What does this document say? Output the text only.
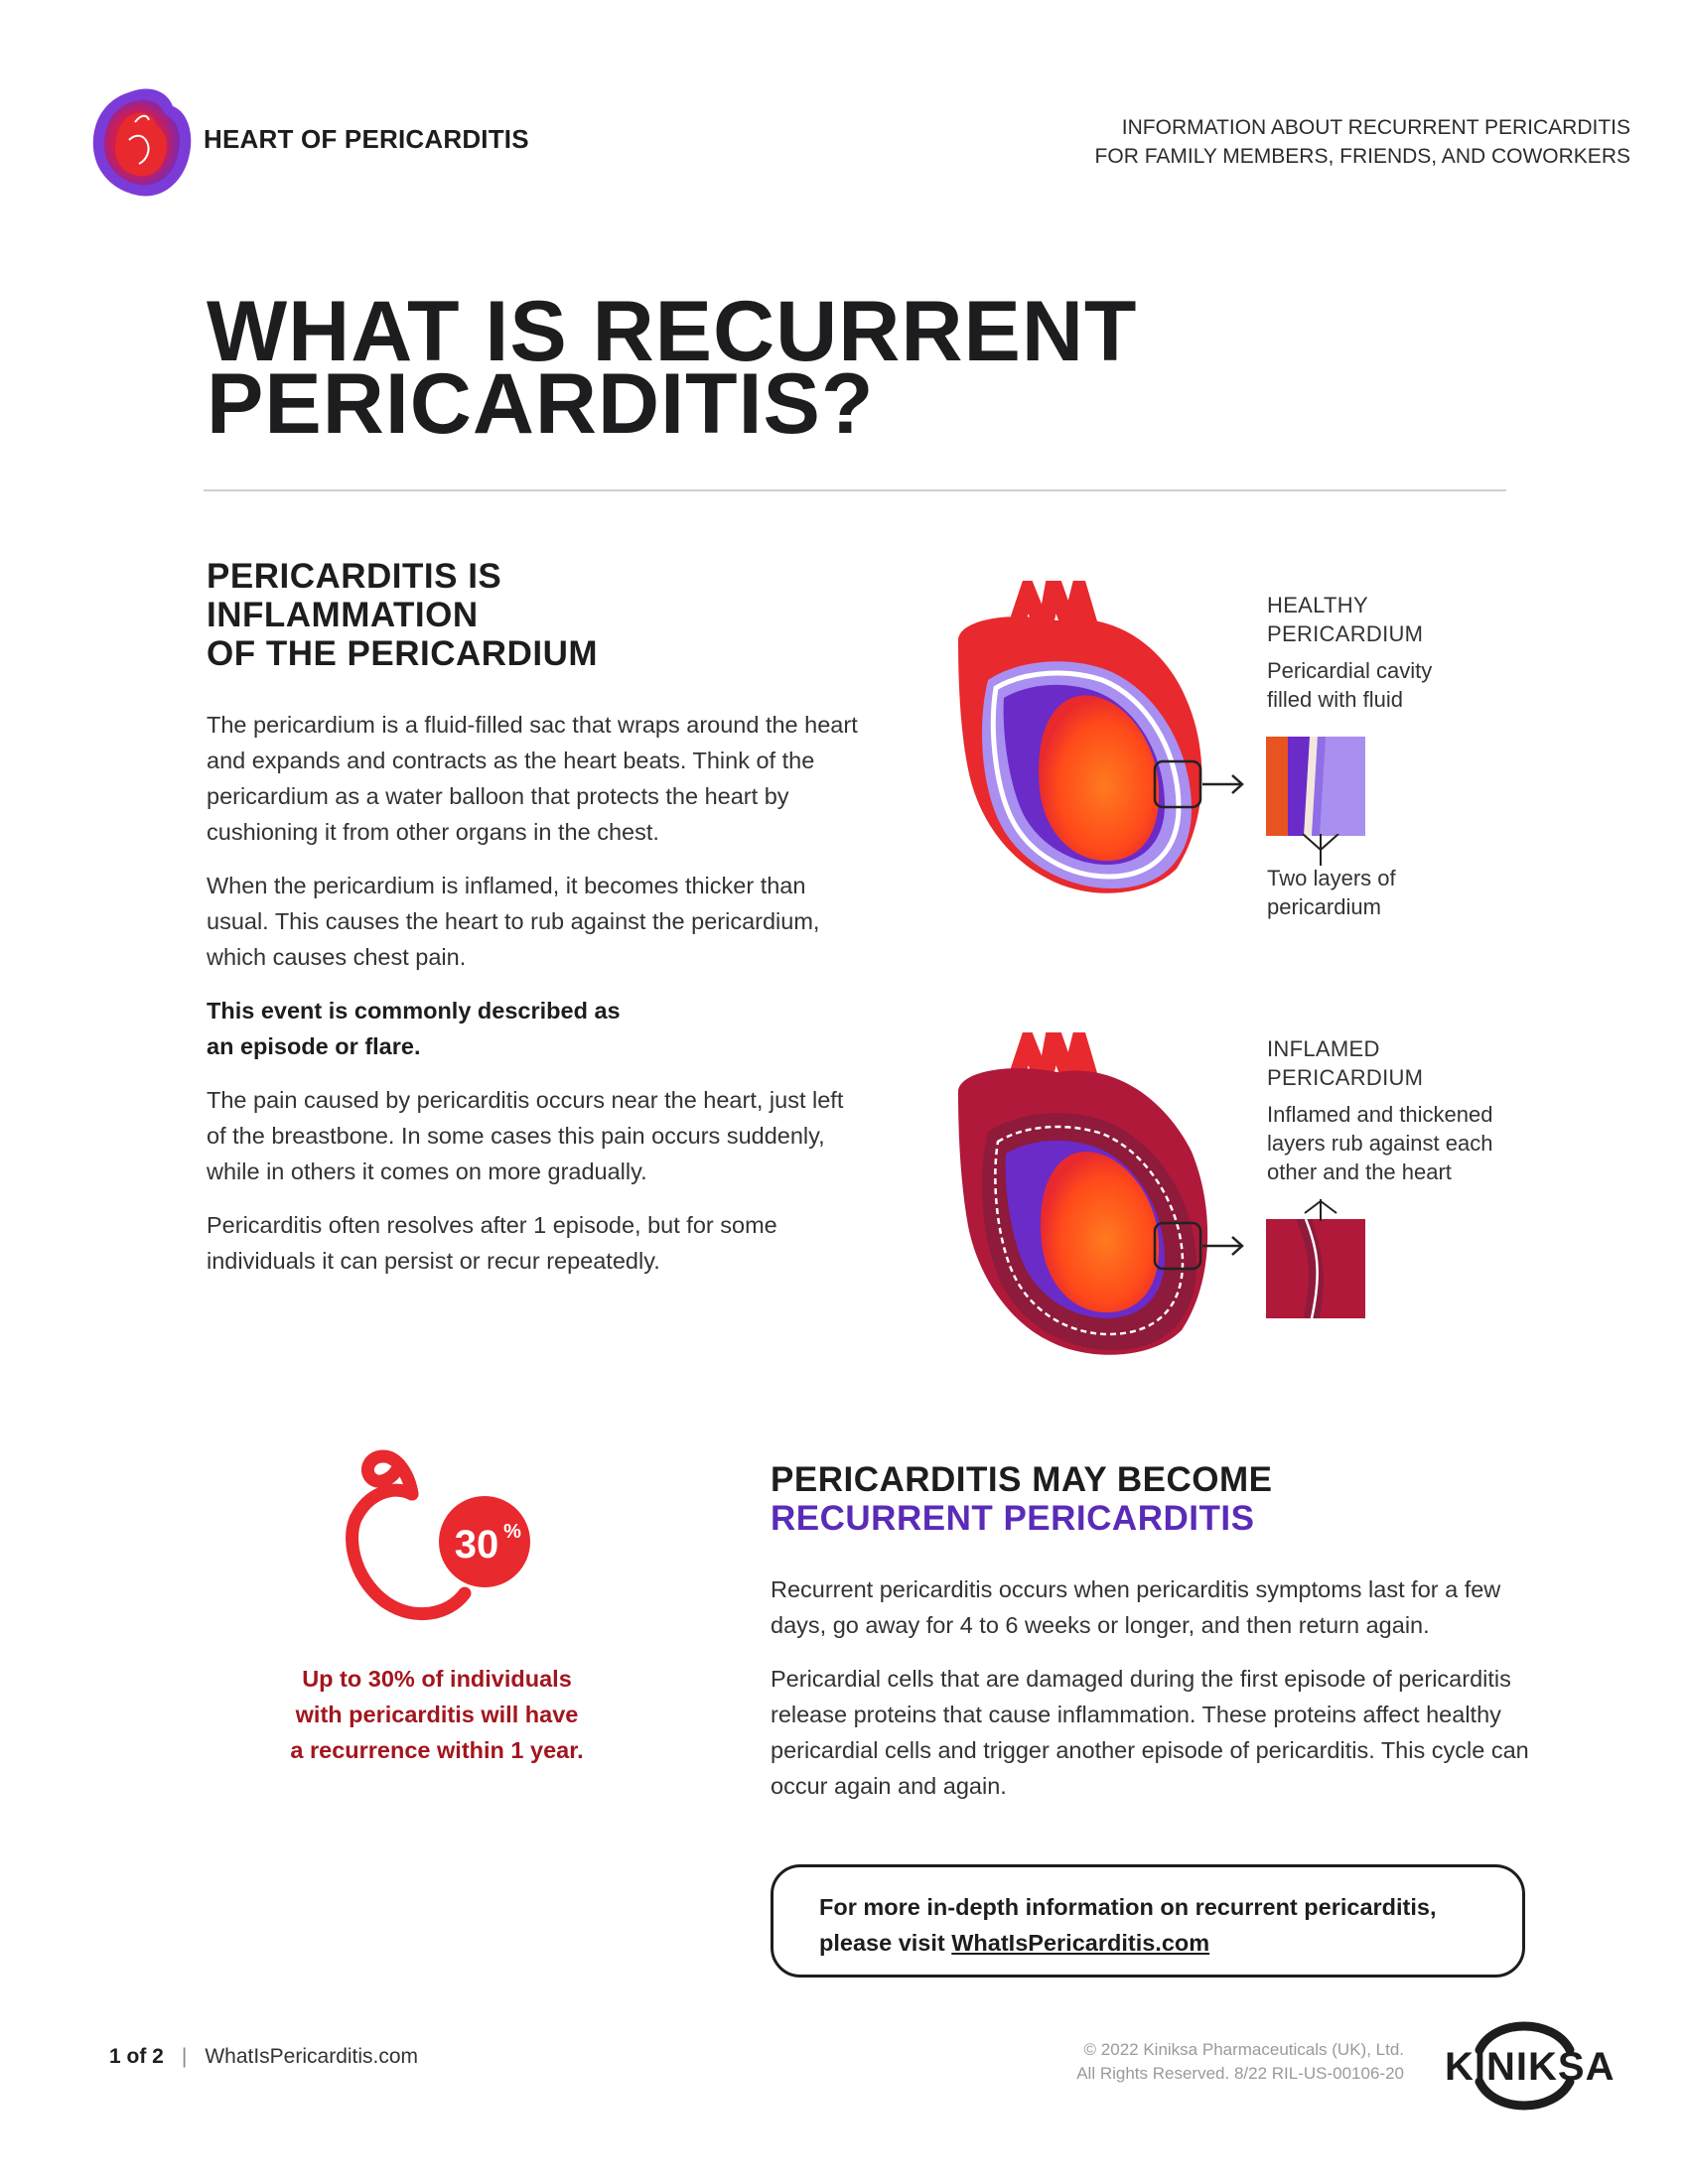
HEART OF PERICARDITIS	INFORMATION ABOUT RECURRENT PERICARDITIS
FOR FAMILY MEMBERS, FRIENDS, AND COWORKERS
WHAT IS RECURRENT
PERICARDITIS?
PERICARDITIS IS
INFLAMMATION
OF THE PERICARDIUM

The pericardium is a fluid-filled sac that wraps around the heart and expands and contracts as the heart beats. Think of the pericardium as a water balloon that protects the heart by cushioning it from other organs in the chest.

When the pericardium is inflamed, it becomes thicker than usual. This causes the heart to rub against the pericardium, which causes chest pain.

This event is commonly described as an episode or flare.

The pain caused by pericarditis occurs near the heart, just left of the breastbone. In some cases this pain occurs suddenly, while in others it comes on more gradually.

Pericarditis often resolves after 1 episode, but for some individuals it can persist or recur repeatedly.

HEALTHY
PERICARDIUM
Pericardial cavity
filled with fluid
Two layers of
pericardium
INFLAMED
PERICARDIUM
Inflamed and thickened
layers rub against each
other and the heart
30 %
Up to 30% of individuals
with pericarditis will have
a recurrence within 1 year.
PERICARDITIS MAY BECOME
RECURRENT PERICARDITIS

Recurrent pericarditis occurs when pericarditis symptoms last for a few days, go away for 4 to 6 weeks or longer, and then return again.

Pericardial cells that are damaged during the first episode of pericarditis release proteins that cause inflammation. These proteins affect healthy pericardial cells and trigger another episode of pericarditis. This cycle can occur again and again.

For more in-depth information on recurrent pericarditis,
please visit WhatIsPericarditis.com
1 of 2 | WhatIsPericarditis.com	© 2022 Kiniksa Pharmaceuticals (UK), Ltd.
All Rights Reserved. 8/22 RIL-US-00106-20 KINIKSA
